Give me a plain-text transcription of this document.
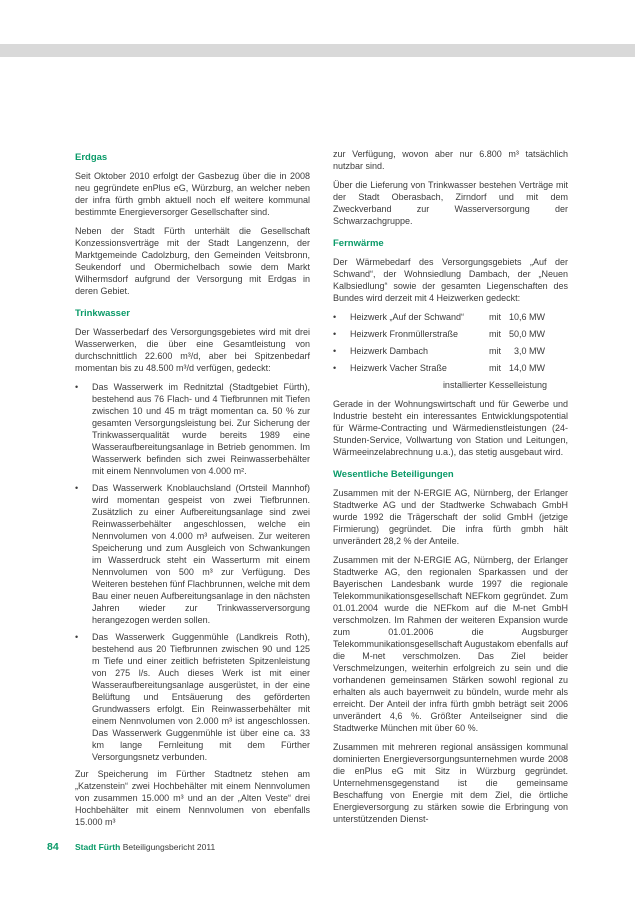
Erdgas

Seit Oktober 2010 erfolgt der Gasbezug über die in 2008 neu gegründete enPlus eG, Würzburg, an welcher neben der infra fürth gmbh aktuell noch elf weitere kommunal bestimmte Energieversorger Gesellschafter sind.

Neben der Stadt Fürth unterhält die Gesellschaft Konzessionsverträge mit der Stadt Langenzenn, der Marktgemeinde Cadolzburg, den Gemeinden Veitsbronn, Seukendorf und Obermichelbach sowie dem Markt Wilhermsdorf aufgrund der Versorgung mit Erdgas in deren Gebiet.

Trinkwasser

Der Wasserbedarf des Versorgungsgebietes wird mit drei Wasserwerken, die über eine Gesamtleistung von durchschnittlich 22.600 m³/d, aber bei Spitzenbedarf momentan bis zu 48.500 m³/d verfügen, gedeckt:

•	Das Wasserwerk im Rednitztal (Stadtgebiet Fürth), bestehend aus 76 Flach- und 4 Tiefbrunnen mit Tiefen zwischen 10 und 45 m trägt momentan ca. 50 % zur gesamten Versorgungsleistung bei. Zur Sicherung der Trinkwasserqualität wurde bereits 1989 eine Wasseraufbereitungsanlage in Betrieb genommen. Im Wasserwerk befinden sich zwei Reinwasserbehälter mit einem Nennvolumen von 4.000 m².

•	Das Wasserwerk Knoblauchsland (Ortsteil Mannhof) wird momentan gespeist von zwei Tiefbrunnen. Zusätzlich zu einer Aufbereitungsanlage sind zwei Reinwasserbehälter angeschlossen, welche ein Nennvolumen von 4.000 m³ aufweisen. Zur weiteren Speicherung und zum Ausgleich von Schwankungen im Wasserdruck steht ein Wasserturm mit einem Nennvolumen von 500 m³ zur Verfügung. Des Weiteren bestehen fünf Flachbrunnen, welche mit dem Bau einer neuen Aufbereitungsanlage in den nächsten Jahren wieder zur Trinkwasserversorgung herangezogen werden sollen.

•	Das Wasserwerk Guggenmühle (Landkreis Roth), bestehend aus 20 Tiefbrunnen zwischen 90 und 125 m Tiefe und einer zeitlich befristeten Spitzenleistung von 275 l/s. Auch dieses Werk ist mit einer Wasseraufbereitungsanlage ausgerüstet, in der eine Belüftung und Entsäuerung des geförderten Grundwassers erfolgt. Ein Reinwasserbehälter mit einem Nennvolumen von 2.000 m³ ist angeschlossen. Das Wasserwerk Guggenmühle ist über eine ca. 33 km lange Fernleitung mit dem Fürther Versorgungsnetz verbunden.

Zur Speicherung im Fürther Stadtnetz stehen am „Katzenstein“ zwei Hochbehälter mit einem Nennvolumen von zusammen 15.000 m³ und an der „Alten Veste“ drei Hochbehälter mit einem Nennvolumen von ebenfalls 15.000 m³

zur Verfügung, wovon aber nur 6.800 m³ tatsächlich nutzbar sind.

Über die Lieferung von Trinkwasser bestehen Verträge mit der Stadt Oberasbach, Zirndorf und mit dem Zweckverband zur Wasserversorgung der Schwarzachgruppe.

Fernwärme

Der Wärmebedarf des Versorgungsgebiets „Auf der Schwand“, der Wohnsiedlung Dambach, der „Neuen Kalbsiedlung“ sowie der gesamten Liegenschaften des Bundes wird derzeit mit 4 Heizwerken gedeckt:

•	Heizwerk „Auf der Schwand“	mit 10,6 MW
•	Heizwerk Fronmüllerstraße	mit 50,0 MW
•	Heizwerk Dambach	mit	3,0 MW
•	Heizwerk Vacher Straße	mit 14,0 MW
installierter Kesselleistung

Gerade in der Wohnungswirtschaft und für Gewerbe und Industrie besteht ein interessantes Entwicklungspotential für Wärme-Contracting und Wärmedienstleistungen (24-Stunden-Service, Vollwartung von Station und Leitungen, Wärmeeinzelabrechnung u.a.), das stetig ausgebaut wird.

Wesentliche Beteiligungen

Zusammen mit der N-ERGIE AG, Nürnberg, der Erlanger Stadtwerke AG und der Stadtwerke Schwabach GmbH wurde 1992 die Trägerschaft der solid GmbH (jetzige Firmierung) gegründet. Die infra fürth gmbh hält unverändert 28,2 % der Anteile.

Zusammen mit der N-ERGIE AG, Nürnberg, der Erlanger Stadtwerke AG, den regionalen Sparkassen und der Bayerischen Landesbank wurde 1997 die regionale Telekommunikationsgesellschaft NEFkom gegründet. Zum 01.01.2004 wurde die NEFkom auf die M-net GmbH verschmolzen. Im Rahmen der weiteren Expansion wurde zum 01.01.2006 die Augsburger Telekommunikationsgesellschaft Augustakom ebenfalls auf die M-net verschmolzen. Das Ziel beider Verschmelzungen, weiterhin erfolgreich zu sein und die vorhandenen gemeinsamen Stärken sowohl regional zu erhalten als auch bayernweit zu bündeln, wurde mehr als erreicht. Der Anteil der infra fürth gmbh beträgt seit 2006 unverändert 4,6 %. Größter Anteilseigner sind die Stadtwerke München mit über 60 %.

Zusammen mit mehreren regional ansässigen kommunal dominierten Energieversorgungsunternehmen wurde 2008 die enPlus eG mit Sitz in Würzburg gegründet. Unternehmensgegenstand ist die gemeinsame Beschaffung von Energie mit dem Ziel, die örtliche Energieversorgung zu stärken sowie die Erbringung von unterstützenden Dienst-

84 Stadt Fürth Beteiligungsbericht 2011
